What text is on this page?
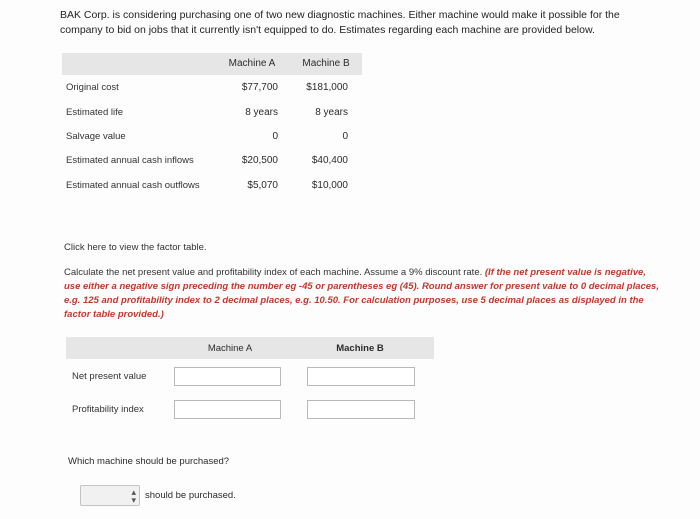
BAK Corp. is considering purchasing one of two new diagnostic machines. Either machine would make it possible for the company to bid on jobs that it currently isn't equipped to do. Estimates regarding each machine are provided below.
Machine A	Machine B
Original cost	$77,700	$181,000
Estimated life	8 years	8 years
Salvage value	0	0
Estimated annual cash inflows	$20,500	$40,400
Estimated annual cash outflows	$5,070	$10,000
Click here to view the factor table.
Calculate the net present value and profitability index of each machine. Assume a 9% discount rate. (If the net present value is negative, use either a negative sign preceding the number eg -45 or parentheses eg (45). Round answer for present value to 0 decimal places, e.g. 125 and profitability index to 2 decimal places, e.g. 10.50. For calculation purposes, use 5 decimal places as displayed in the factor table provided.)
Machine A	Machine B
Net present value
Profitability index
Which machine should be purchased?
▴
▾ should be purchased.
